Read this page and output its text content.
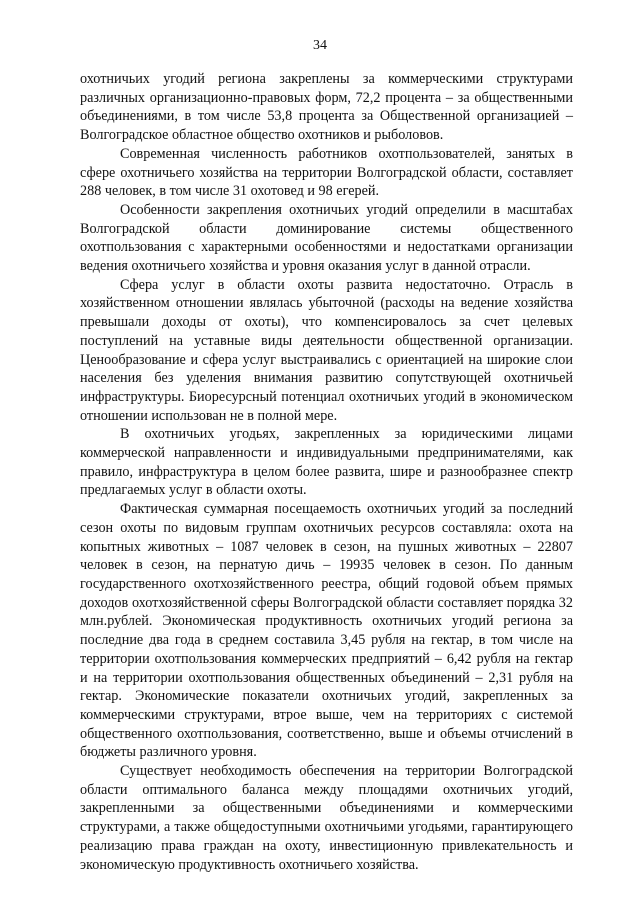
34

охотничьих угодий региона закреплены за коммерческими структурами различных организационно-правовых форм, 72,2 процента – за общественными объединениями, в том числе 53,8 процента за Общественной организацией – Волгоградское областное общество охотников и рыболовов.

Современная численность работников охотпользователей, занятых в сфере охотничьего хозяйства на территории Волгоградской области, составляет 288 человек, в том числе 31 охотовед и 98 егерей.

Особенности закрепления охотничьих угодий определили в масштабах Волгоградской области доминирование системы общественного охотпользования с характерными особенностями и недостатками организации ведения охотничьего хозяйства и уровня оказания услуг в данной отрасли.

Сфера услуг в области охоты развита недостаточно. Отрасль в хозяйственном отношении являлась убыточной (расходы на ведение хозяйства превышали доходы от охоты), что компенсировалось за счет целевых поступлений на уставные виды деятельности общественной организации. Ценообразование и сфера услуг выстраивались с ориентацией на широкие слои населения без уделения внимания развитию сопутствующей охотничьей инфраструктуры. Биоресурсный потенциал охотничьих угодий в экономическом отношении использован не в полной мере.

В охотничьих угодьях, закрепленных за юридическими лицами коммерческой направленности и индивидуальными предпринимателями, как правило, инфраструктура в целом более развита, шире и разнообразнее спектр предлагаемых услуг в области охоты.

Фактическая суммарная посещаемость охотничьих угодий за последний сезон охоты по видовым группам охотничьих ресурсов составляла: охота на копытных животных – 1087 человек в сезон, на пушных животных – 22807 человек в сезон, на пернатую дичь – 19935 человек в сезон. По данным государственного охотхозяйственного реестра, общий годовой объем прямых доходов охотхозяйственной сферы Волгоградской области составляет порядка 32 млн.рублей. Экономическая продуктивность охотничьих угодий региона за последние два года в среднем составила 3,45 рубля на гектар, в том числе на территории охотпользования коммерческих предприятий – 6,42 рубля на гектар и на территории охотпользования общественных объединений – 2,31 рубля на гектар. Экономические показатели охотничьих угодий, закрепленных за коммерческими структурами, втрое выше, чем на территориях с системой общественного охотпользования, соответственно, выше и объемы отчислений в бюджеты различного уровня.

Существует необходимость обеспечения на территории Волгоградской области оптимального баланса между площадями охотничьих угодий, закрепленными за общественными объединениями и коммерческими структурами, а также общедоступными охотничьими угодьями, гарантирующего реализацию права граждан на охоту, инвестиционную привлекательность и экономическую продуктивность охотничьего хозяйства.
